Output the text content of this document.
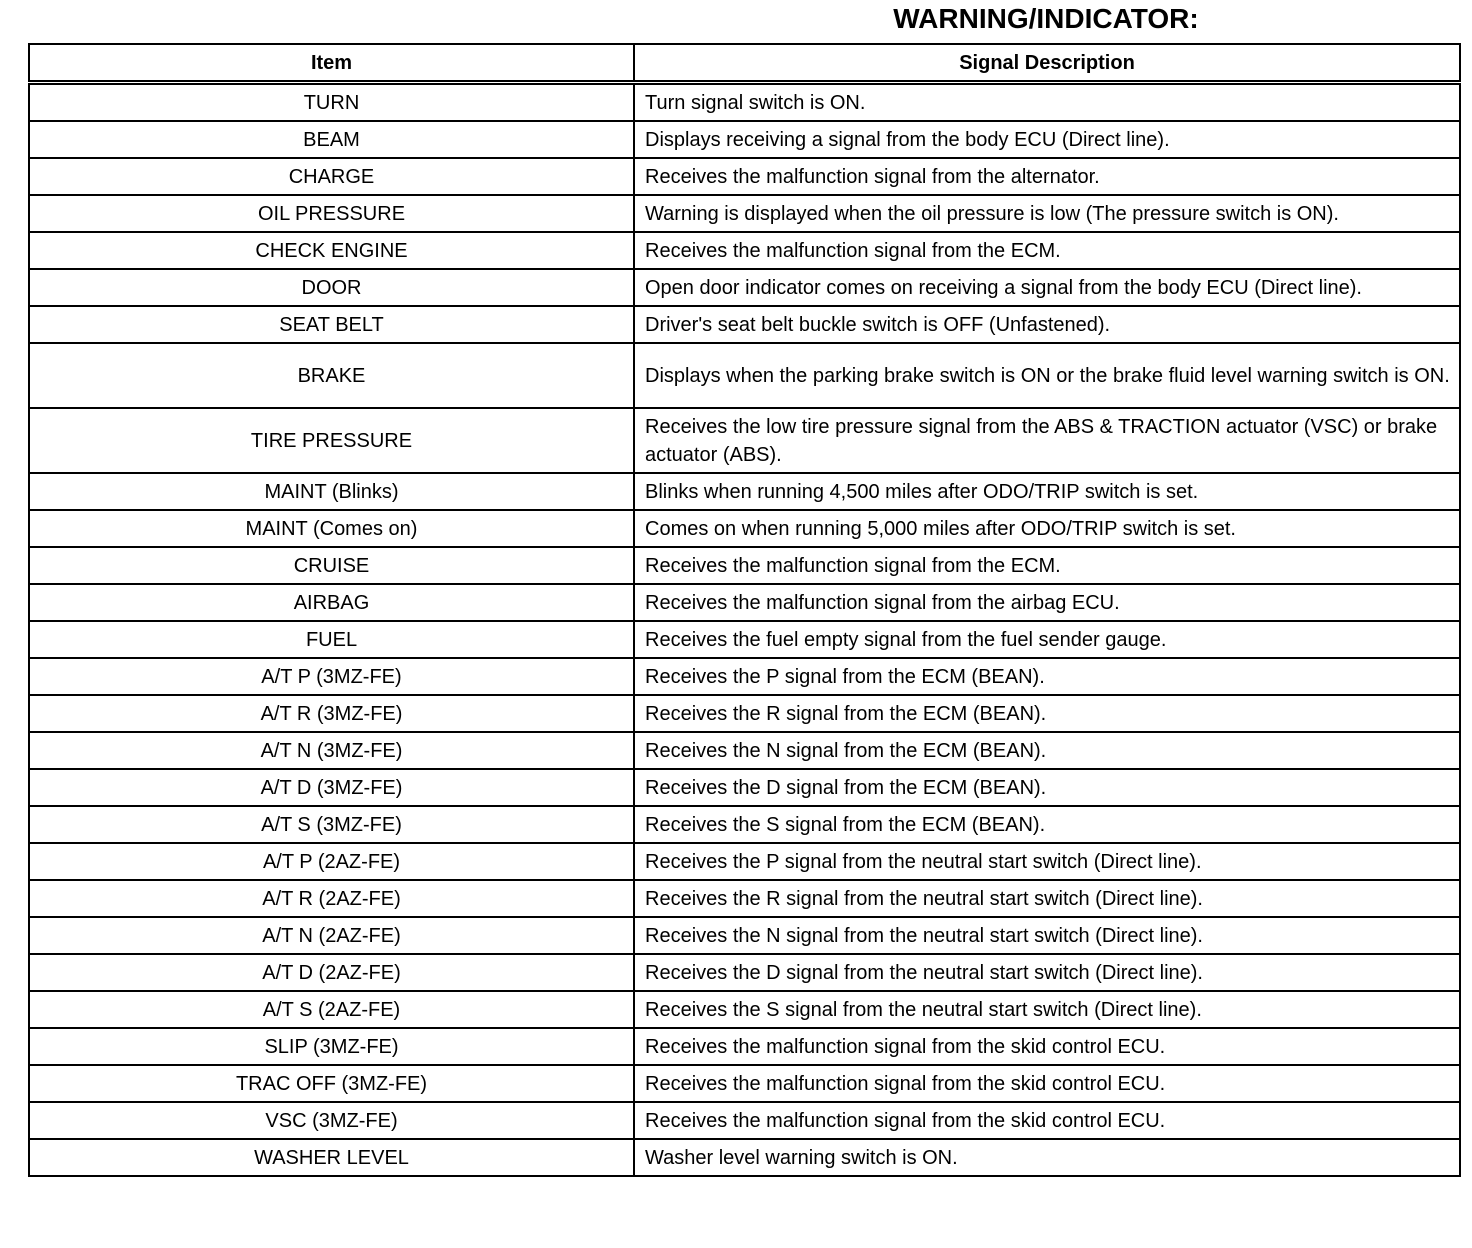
WARNING/INDICATOR:
Item	Signal Description
TURN	Turn signal switch is ON.
BEAM	Displays receiving a signal from the body ECU (Direct line).
CHARGE	Receives the malfunction signal from the alternator.
OIL PRESSURE	Warning is displayed when the oil pressure is low (The pressure switch is ON).
CHECK ENGINE	Receives the malfunction signal from the ECM.
DOOR	Open door indicator comes on receiving a signal from the body ECU (Direct line).
SEAT BELT	Driver's seat belt buckle switch is OFF (Unfastened).
BRAKE	Displays when the parking brake switch is ON or the brake fluid level warning switch is ON.
TIRE PRESSURE	Receives the low tire pressure signal from the ABS & TRACTION actuator (VSC) or brake actuator (ABS).
MAINT (Blinks)	Blinks when running 4,500 miles after ODO/TRIP switch is set.
MAINT (Comes on)	Comes on when running 5,000 miles after ODO/TRIP switch is set.
CRUISE	Receives the malfunction signal from the ECM.
AIRBAG	Receives the malfunction signal from the airbag ECU.
FUEL	Receives the fuel empty signal from the fuel sender gauge.
A/T P (3MZ-FE)	Receives the P signal from the ECM (BEAN).
A/T R (3MZ-FE)	Receives the R signal from the ECM (BEAN).
A/T N (3MZ-FE)	Receives the N signal from the ECM (BEAN).
A/T D (3MZ-FE)	Receives the D signal from the ECM (BEAN).
A/T S (3MZ-FE)	Receives the S signal from the ECM (BEAN).
A/T P (2AZ-FE)	Receives the P signal from the neutral start switch (Direct line).
A/T R (2AZ-FE)	Receives the R signal from the neutral start switch (Direct line).
A/T N (2AZ-FE)	Receives the N signal from the neutral start switch (Direct line).
A/T D (2AZ-FE)	Receives the D signal from the neutral start switch (Direct line).
A/T S (2AZ-FE)	Receives the S signal from the neutral start switch (Direct line).
SLIP (3MZ-FE)	Receives the malfunction signal from the skid control ECU.
TRAC OFF (3MZ-FE)	Receives the malfunction signal from the skid control ECU.
VSC (3MZ-FE)	Receives the malfunction signal from the skid control ECU.
WASHER LEVEL	Washer level warning switch is ON.
